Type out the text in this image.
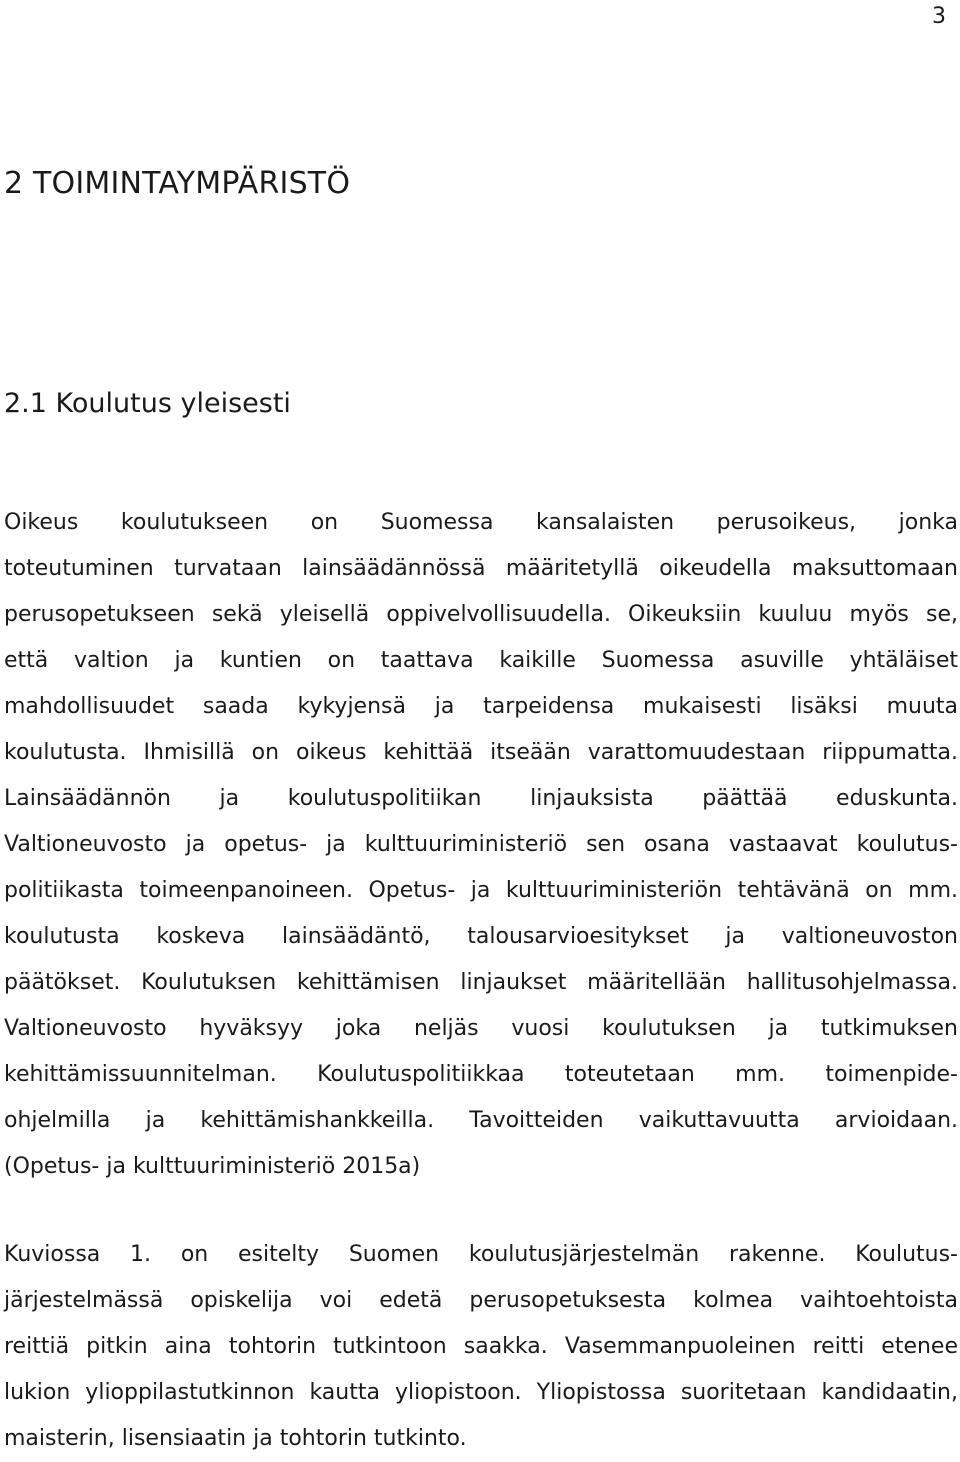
3
2 TOIMINTAYMPÄRISTÖ
2.1 Koulutus yleisesti
Oikeus koulutukseen on Suomessa kansalaisten perusoikeus, jonka
toteutuminen turvataan lainsäädännössä määritetyllä oikeudella maksuttomaan
perusopetukseen sekä yleisellä oppivelvollisuudella. Oikeuksiin kuuluu myös se,
että valtion ja kuntien on taattava kaikille Suomessa asuville yhtäläiset
mahdollisuudet saada kykyjensä ja tarpeidensa mukaisesti lisäksi muuta
koulutusta. Ihmisillä on oikeus kehittää itseään varattomuudestaan riippumatta.
Lainsäädännön ja koulutuspolitiikan linjauksista päättää eduskunta.
Valtioneuvosto ja opetus- ja kulttuuriministeriö sen osana vastaavat koulutus-
politiikasta toimeenpanoineen. Opetus- ja kulttuuriministeriön tehtävänä on mm.
koulutusta koskeva lainsäädäntö, talousarvioesitykset ja valtioneuvoston
päätökset. Koulutuksen kehittämisen linjaukset määritellään hallitusohjelmassa.
Valtioneuvosto hyväksyy joka neljäs vuosi koulutuksen ja tutkimuksen
kehittämissuunnitelman. Koulutuspolitiikkaa toteutetaan mm. toimenpide-
ohjelmilla ja kehittämishankkeilla. Tavoitteiden vaikuttavuutta arvioidaan.
(Opetus- ja kulttuuriministeriö 2015a)
Kuviossa 1. on esitelty Suomen koulutusjärjestelmän rakenne. Koulutus-
järjestelmässä opiskelija voi edetä perusopetuksesta kolmea vaihtoehtoista
reittiä pitkin aina tohtorin tutkintoon saakka. Vasemmanpuoleinen reitti etenee
lukion ylioppilastutkinnon kautta yliopistoon. Yliopistossa suoritetaan kandidaatin,
maisterin, lisensiaatin ja tohtorin tutkinto.
